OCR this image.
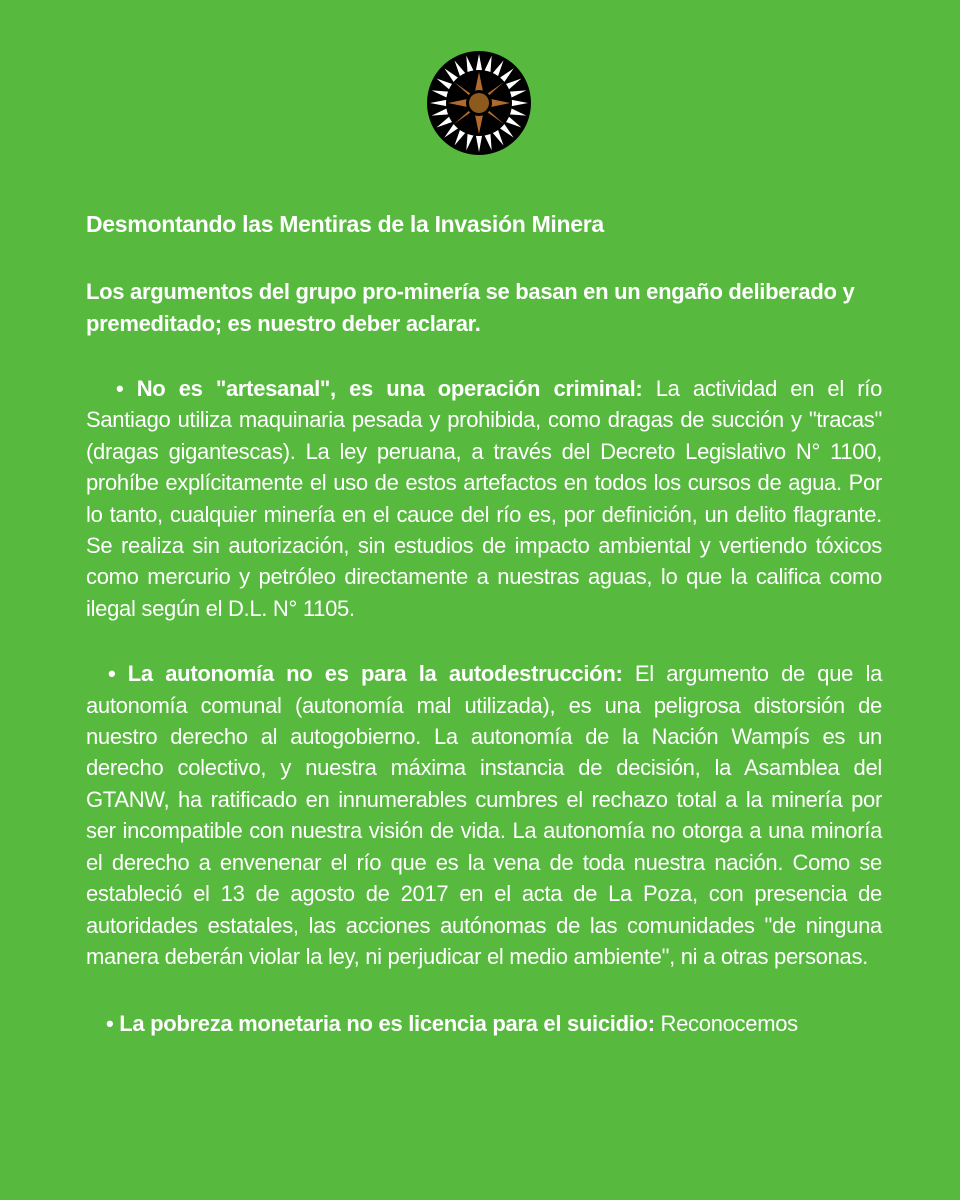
Desmontando las Mentiras de la Invasión Minera

Los argumentos del grupo pro-minería se basan en un engaño deliberado y premeditado; es nuestro deber aclarar.

• No es "artesanal", es una operación criminal: La actividad en el río Santiago utiliza maquinaria pesada y prohibida, como dragas de succión y "tracas" (dragas gigantescas). La ley peruana, a través del Decreto Legislativo N° 1100, prohíbe explícitamente el uso de estos artefactos en todos los cursos de agua. Por lo tanto, cualquier minería en el cauce del río es, por definición, un delito flagrante. Se realiza sin autorización, sin estudios de impacto ambiental y vertiendo tóxicos como mercurio y petróleo directamente a nuestras aguas, lo que la califica como ilegal según el D.L. N° 1105.

• La autonomía no es para la autodestrucción: El argumento de que la autonomía comunal (autonomía mal utilizada), es una peligrosa distorsión de nuestro derecho al autogobierno. La autonomía de la Nación Wampís es un derecho colectivo, y nuestra máxima instancia de decisión, la Asamblea del GTANW, ha ratificado en innumerables cumbres el rechazo total a la minería por ser incompatible con nuestra visión de vida. La autonomía no otorga a una minoría el derecho a envenenar el río que es la vena de toda nuestra nación. Como se estableció el 13 de agosto de 2017 en el acta de La Poza, con presencia de autoridades estatales, las acciones autónomas de las comunidades "de ninguna manera deberán violar la ley, ni perjudicar el medio ambiente", ni a otras personas.

• La pobreza monetaria no es licencia para el suicidio: Reconocemos
